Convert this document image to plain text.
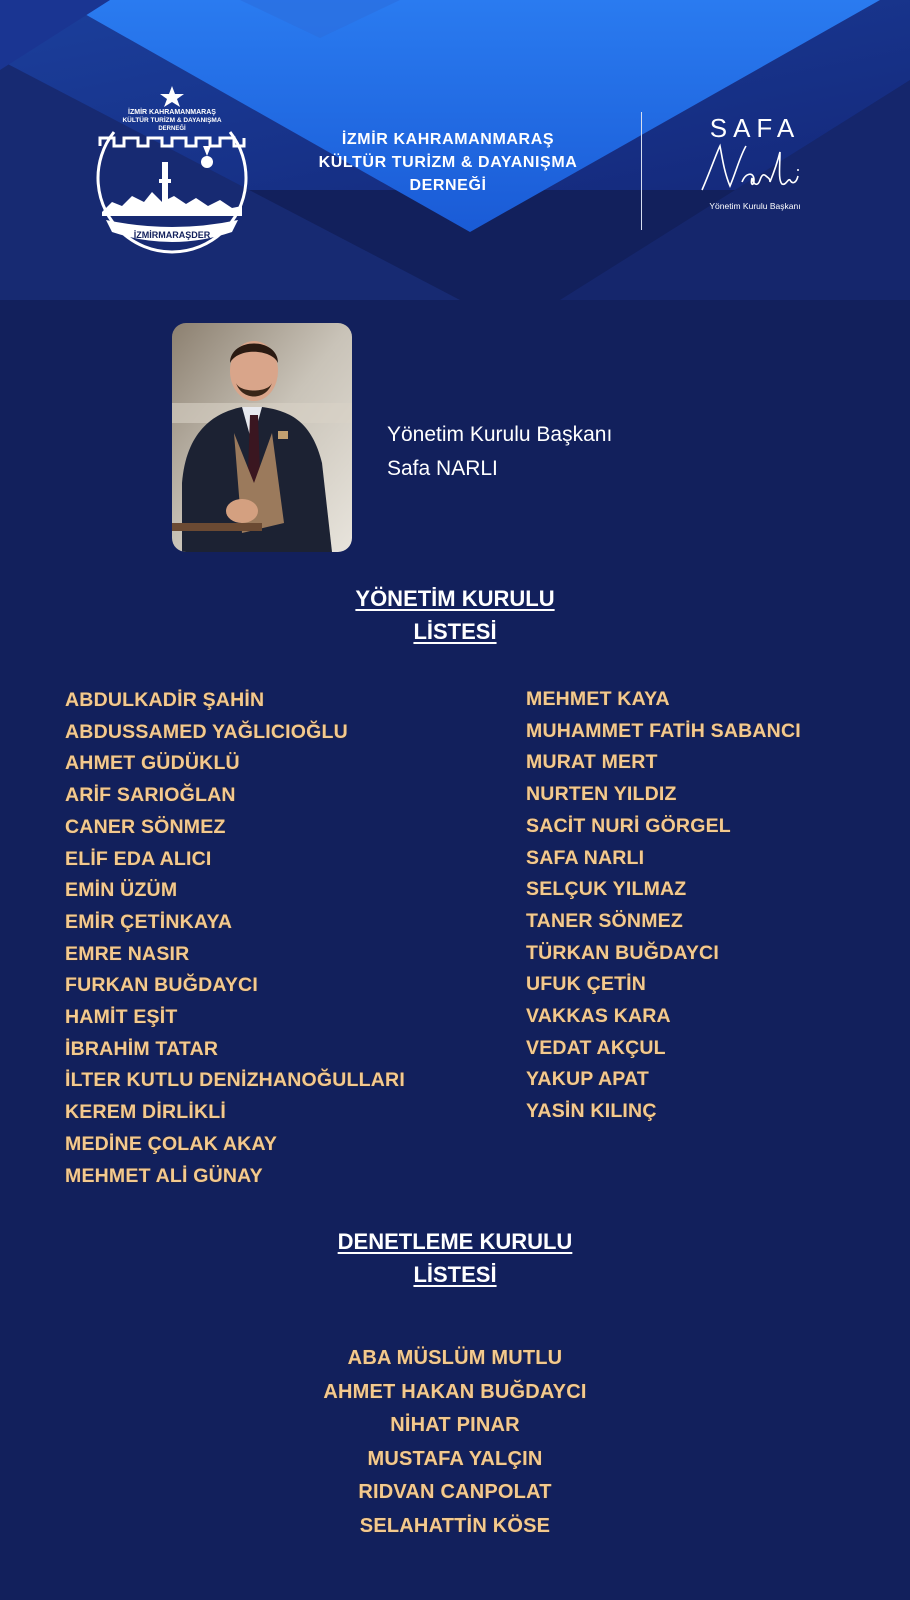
İZMİR KAHRAMANMARAŞ
KÜLTÜR TURİZM & DAYANIŞMA
DERNEĞİ
İZMİRMARAŞDER
İZMİR KAHRAMANMARAŞ
KÜLTÜR TURİZM & DAYANIŞMA
DERNEĞİ
SAFA
Yönetim Kurulu Başkanı
Yönetim Kurulu Başkanı
Safa NARLI
YÖNETİM KURULU
LİSTESİ
ABDULKADİR ŞAHİN
ABDUSSAMED YAĞLICIOĞLU
AHMET GÜDÜKLÜ
ARİF SARIOĞLAN
CANER SÖNMEZ
ELİF EDA ALICI
EMİN ÜZÜM
EMİR ÇETİNKAYA
EMRE NASIR
FURKAN BUĞDAYCI
HAMİT EŞİT
İBRAHİM TATAR
İLTER KUTLU DENİZHANOĞULLARI
KEREM DİRLİKLİ
MEDİNE ÇOLAK AKAY
MEHMET ALİ GÜNAY
MEHMET KAYA
MUHAMMET FATİH SABANCI
MURAT MERT
NURTEN YILDIZ
SACİT NURİ GÖRGEL
SAFA NARLI
SELÇUK YILMAZ
TANER SÖNMEZ
TÜRKAN BUĞDAYCI
UFUK ÇETİN
VAKKAS KARA
VEDAT AKÇUL
YAKUP APAT
YASİN KILINÇ
DENETLEME KURULU
LİSTESİ
ABA MÜSLÜM MUTLU
AHMET HAKAN BUĞDAYCI
NİHAT PINAR
MUSTAFA YALÇIN
RIDVAN CANPOLAT
SELAHATTİN KÖSE
